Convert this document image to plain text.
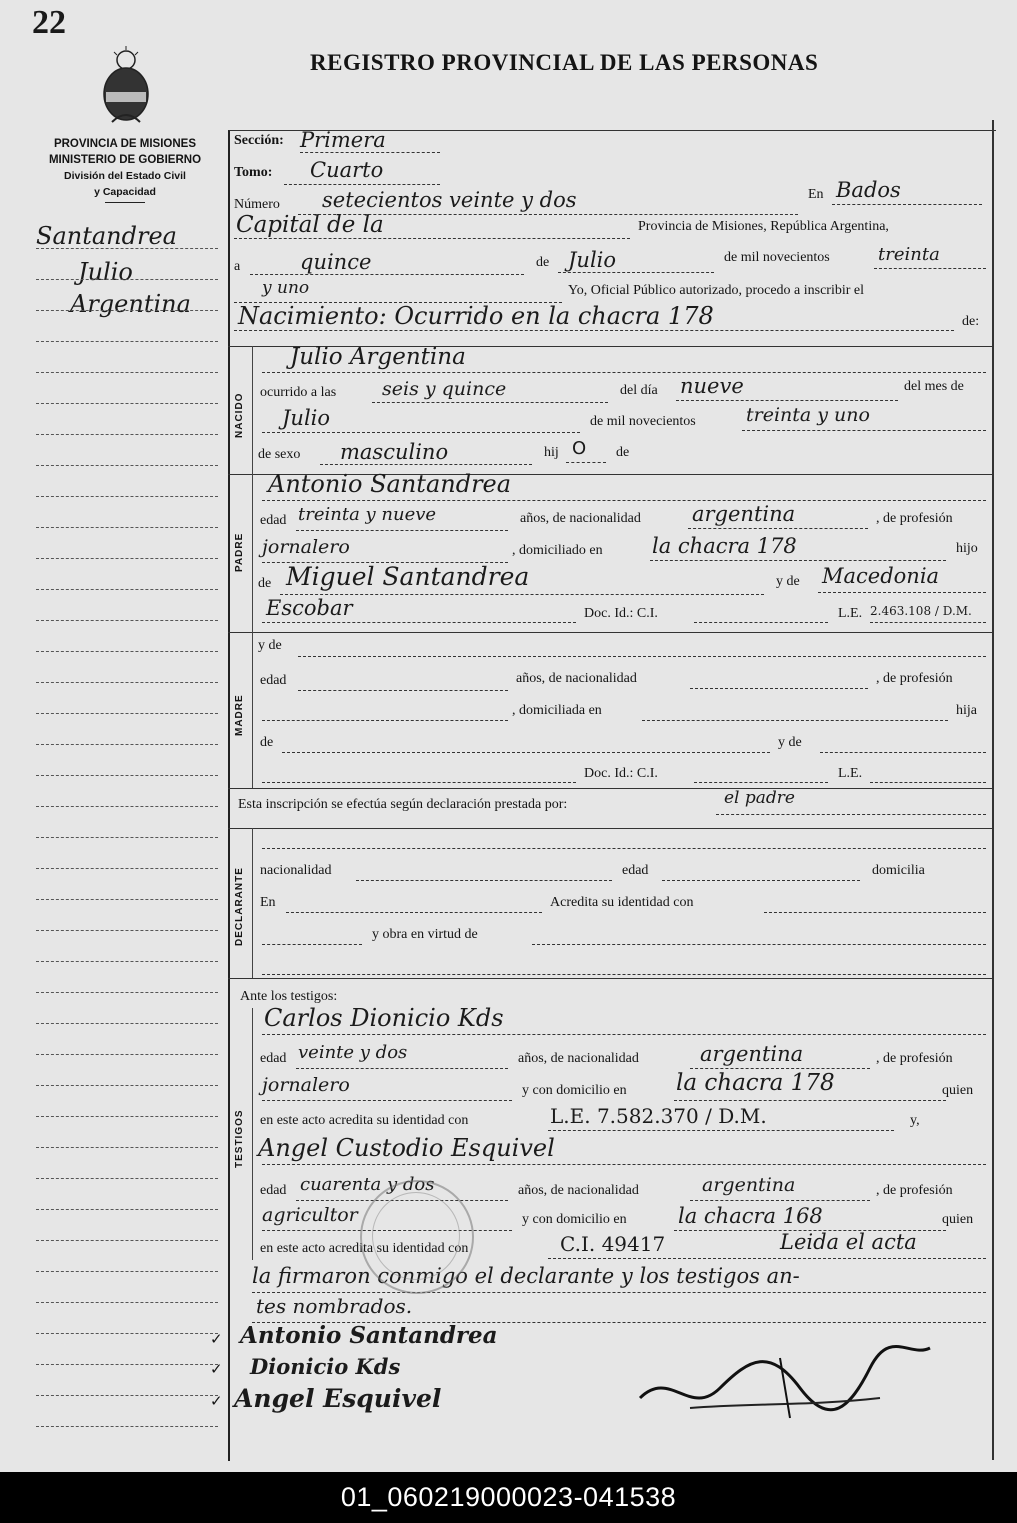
22
REGISTRO PROVINCIAL DE LAS PERSONAS
PROVINCIA DE MISIONES
MINISTERIO DE GOBIERNO
División del Estado Civil
y Capacidad
Santandrea
Julio
Argentina
Sección: Primera
Tomo: Cuarto
Número setecientos veinte y dos	En Bados
Capital de la	Provincia de Misiones, República Argentina,
a	quince	de Julio	de mil novecientos	treinta
y uno	Yo, Oficial Público autorizado, procedo a inscribir el
Nacimiento: Ocurrido en la chacra 178	de:
NACIDO
Julio Argentina
ocurrido a las seis y quince	del día nueve	del mes de
Julio	de mil novecientos	treinta y uno
de sexo masculino	hij O de
PADRE
Antonio Santandrea
edad treinta y nueve	años, de nacionalidad argentina	, de profesión
jornalero	, domiciliado en la chacra 178	hijo
de Miguel Santandrea	y de Macedonia
Escobar	Doc. Id.: C.I.	L.E. 2.463.108 / D.M.
MADRE
y de
edad	años, de nacionalidad	, de profesión
, domiciliada en	hija
de	y de
Doc. Id.: C.I.	L.E.
Esta inscripción se efectúa según declaración prestada por:	el padre
DECLARANTE nacionalidad	edad	domicilia
En	Acredita su identidad con
y obra en virtud de
Ante los testigos:
TESTIGOS
Carlos Dionicio Kds
edad veinte y dos	años, de nacionalidad	argentina	, de profesión
jornalero	y con domicilio en la chacra 178	quien
en este acto acredita su identidad con	L.E. 7.582.370 / D.M.	y,
Angel Custodio Esquivel
edad cuarenta y dos	años, de nacionalidad	argentina	, de profesión
agricultor	y con domicilio en la chacra 168	quien
en este acto acredita su identidad con	C.I. 49417	Leida el acta
la firmaron conmigo el declarante y los testigos an-
tes nombrados.
✓
✓
✓
Antonio Santandrea
Dionicio Kds
Angel Esquivel
01_060219000023-041538
